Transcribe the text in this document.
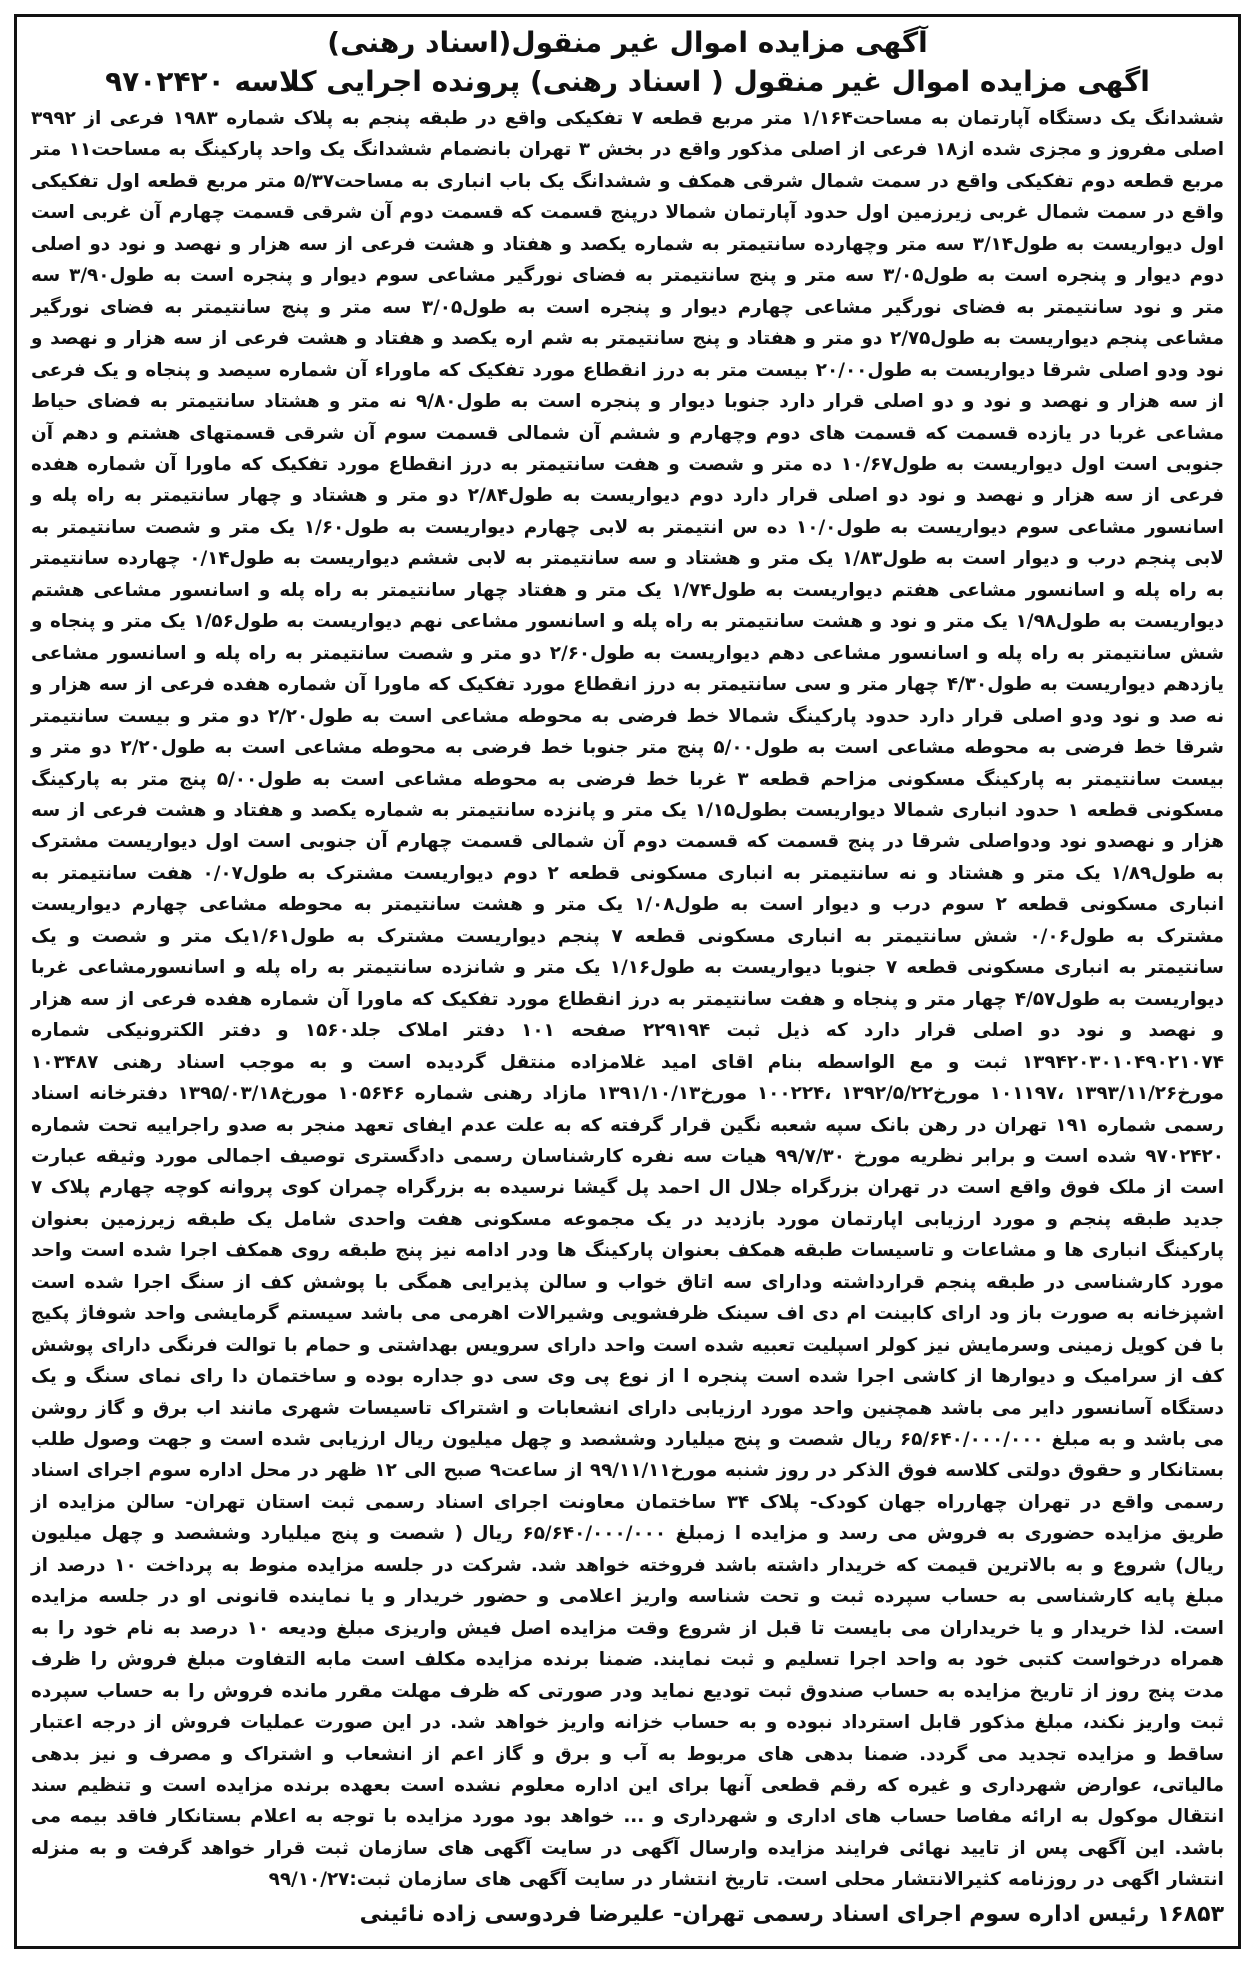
آگهی مزایده اموال غیر منقول(اسناد رهنی)
اگهی مزایده اموال غیر منقول ( اسناد رهنی) پرونده اجرایی کلاسه ۹۷۰۲۴۲۰
ششدانگ یک دستگاه آپارتمان به مساحت۱/۱۶۴ متر مربع قطعه ۷ تفکیکی واقع در طبقه پنجم به پلاک شماره ۱۹۸۳ فرعی از ۳۹۹۲ اصلی مفروز و مجزی شده از۱۸ فرعی از اصلی مذکور واقع در بخش ۳ تهران بانضمام ششدانگ یک واحد پارکینگ به مساحت۱۱ متر مربع قطعه دوم تفکیکی واقع در سمت شمال شرقی همکف و ششدانگ یک باب انباری به مساحت۵/۳۷ متر مربع قطعه اول تفکیکی واقع در سمت شمال غربی زیرزمین اول حدود آپارتمان شمالا درپنج قسمت که قسمت دوم آن شرقی قسمت چهارم آن غربی است اول دیواریست به طول۳/۱۴ سه متر وچهارده سانتیمتر به شماره یکصد و هفتاد و هشت فرعی از سه هزار و نهصد و نود دو اصلی دوم دیوار و پنجره است به طول۳/۰۵ سه متر و پنج سانتیمتر به فضای نورگیر مشاعی سوم دیوار و پنجره است به طول۳/۹۰ سه متر و نود سانتیمتر به فضای نورگیر مشاعی چهارم دیوار و پنجره است به طول۳/۰۵ سه متر و پنج سانتیمتر به فضای نورگیر مشاعی پنجم دیواریست به طول۲/۷۵ دو متر و هفتاد و پنج سانتیمتر به شم اره یکصد و هفتاد و هشت فرعی از سه هزار و نهصد و نود ودو اصلی شرقا دیواریست به طول۲۰/۰۰ بیست متر به درز انقطاع مورد تفکیک که ماوراء آن شماره سیصد و پنجاه و یک فرعی از سه هزار و نهصد و نود و دو اصلی قرار دارد جنوبا دیوار و پنجره است به طول۹/۸۰ نه متر و هشتاد سانتیمتر به فضای حیاط مشاعی غربا در یازده قسمت که قسمت های دوم وچهارم و ششم آن شمالی قسمت سوم آن شرقی قسمتهای هشتم و دهم آن جنوبی است اول دیواریست به طول۱۰/۶۷ ده متر و شصت و هفت سانتیمتر به درز انقطاع مورد تفکیک که ماورا آن شماره هفده فرعی از سه هزار و نهصد و نود دو اصلی قرار دارد دوم دیواریست به طول۲/۸۴ دو متر و هشتاد و چهار سانتیمتر به راه پله و اسانسور مشاعی سوم دیواریست به طول۱۰/۰ ده س انتیمتر به لابی چهارم دیواریست به طول۱/۶۰ یک متر و شصت سانتیمتر به لابی پنجم درب و دیوار است به طول۱/۸۳ یک متر و هشتاد و سه سانتیمتر به لابی ششم دیواریست به طول۰/۱۴ چهارده سانتیمتر به راه پله و اسانسور مشاعی هفتم دیواریست به طول۱/۷۴ یک متر و هفتاد چهار سانتیمتر به راه پله و اسانسور مشاعی هشتم دیواریست به طول۱/۹۸ یک متر و نود و هشت سانتیمتر به راه پله و اسانسور مشاعی نهم دیواریست به طول۱/۵۶ یک متر و پنجاه و شش سانتیمتر به راه پله و اسانسور مشاعی دهم دیواریست به طول۲/۶۰ دو متر و شصت سانتیمتر به راه پله و اسانسور مشاعی یازدهم دیواریست به طول۴/۳۰ چهار متر و سی سانتیمتر به درز انقطاع مورد تفکیک که ماورا آن شماره هفده فرعی از سه هزار و نه صد و نود ودو اصلی قرار دارد حدود پارکینگ شمالا خط فرضی به محوطه مشاعی است به طول۲/۲۰ دو متر و بیست سانتیمتر شرقا خط فرضی به محوطه مشاعی است به طول۵/۰۰ پنج متر جنوبا خط فرضی به محوطه مشاعی است به طول۲/۲۰ دو متر و بیست سانتیمتر به پارکینگ مسکونی مزاحم قطعه ۳ غربا خط فرضی به محوطه مشاعی است به طول۵/۰۰ پنج متر به پارکینگ مسکونی قطعه ۱ حدود انباری شمالا دیواریست بطول۱/۱۵ یک متر و پانزده سانتیمتر به شماره یکصد و هفتاد و هشت فرعی از سه هزار و نهصدو نود ودواصلی شرقا در پنج قسمت که قسمت دوم آن شمالی قسمت چهارم آن جنوبی است اول دیواریست مشترک به طول۱/۸۹ یک متر و هشتاد و نه سانتیمتر به انباری مسکونی قطعه ۲ دوم دیواریست مشترک به طول۰/۰۷ هفت سانتیمتر به انباری مسکونی قطعه ۲ سوم درب و دیوار است به طول۱/۰۸ یک متر و هشت سانتیمتر به محوطه مشاعی چهارم دیواریست مشترک به طول۰/۰۶ شش سانتیمتر به انباری مسکونی قطعه ۷ پنجم دیواریست مشترک به طول۱/۶۱یک متر و شصت و یک سانتیمتر به انباری مسکونی قطعه ۷ جنوبا دیواریست به طول۱/۱۶ یک متر و شانزده سانتیمتر به راه پله و اسانسورمشاعی غربا دیواریست به طول۴/۵۷ چهار متر و پنجاه و هفت سانتیمتر به درز انقطاع مورد تفکیک که ماورا آن شماره هفده فرعی از سه هزار و نهصد و نود دو اصلی قرار دارد که ذیل ثبت ۲۲۹۱۹۴ صفحه ۱۰۱ دفتر املاک جلد۱۵۶۰ و دفتر الکترونیکی شماره ۱۳۹۴۲۰۳۰۱۰۴۹۰۲۱۰۷۴ ثبت و مع الواسطه بنام اقای امید غلامزاده منتقل گردیده است و به موجب اسناد رهنی ۱۰۳۴۸۷ مورخ۱۳۹۳/۱۱/۲۶ ،۱۰۱۱۹۷ مورخ۱۳۹۲/۵/۲۲ ،۱۰۰۲۲۴ مورخ۱۳۹۱/۱۰/۱۳ مازاد رهنی شماره ۱۰۵۶۴۶ مورخ۱۳۹۵/۰۳/۱۸ دفترخانه اسناد رسمی شماره ۱۹۱ تهران در رهن بانک سپه شعبه نگین قرار گرفته که به علت عدم ایفای تعهد منجر به صدو راجراییه تحت شماره ۹۷۰۲۴۲۰ شده است و برابر نظریه مورخ ۹۹/۷/۳۰ هیات سه نفره کارشناسان رسمی دادگستری توصیف اجمالی مورد وثیقه عبارت است از ملک فوق واقع است در تهران بزرگراه جلال ال احمد پل گیشا نرسیده به بزرگراه چمران کوی پروانه کوچه چهارم پلاک ۷ جدید طبقه پنجم و مورد ارزیابی اپارتمان مورد بازدید در یک مجموعه مسکونی هفت واحدی شامل یک طبقه زیرزمین بعنوان پارکینگ انباری ها و مشاعات و تاسیسات طبقه همکف بعنوان پارکینگ ها ودر ادامه نیز پنج طبقه روی همکف اجرا شده است واحد مورد کارشناسی در طبقه پنجم قرارداشته ودارای سه اتاق خواب و سالن پذیرایی همگی با پوشش کف از سنگ اجرا شده است اشپزخانه به صورت باز ود ارای کابینت ام دی اف سینک ظرفشویی وشیرالات اهرمی می باشد سیستم گرمایشی واحد شوفاژ پکیج با فن کویل زمینی وسرمایش نیز کولر اسپلیت تعبیه شده است واحد دارای سرویس بهداشتی و حمام با توالت فرنگی دارای پوشش کف از سرامیک و دیوارها از کاشی اجرا شده است پنجره ا از نوع پی وی سی دو جداره بوده و ساختمان دا رای نمای سنگ و یک دستگاه آسانسور دایر می باشد همچنین واحد مورد ارزیابی دارای انشعابات و اشتراک تاسیسات شهری مانند اب برق و گاز روشن می باشد و به مبلغ ۶۵/۶۴۰/۰۰۰/۰۰۰ ریال شصت و پنج میلیارد وششصد و چهل میلیون ریال ارزیابی شده است و جهت وصول طلب بستانکار و حقوق دولتی کلاسه فوق الذکر در روز شنبه مورخ۹۹/۱۱/۱۱ از ساعت۹ صبح الی ۱۲ ظهر در محل اداره سوم اجرای اسناد رسمی واقع در تهران چهارراه جهان کودک- پلاک ۳۴ ساختمان معاونت اجرای اسناد رسمی ثبت استان تهران- سالن مزایده از طریق مزایده حضوری به فروش می رسد و مزایده ا زمبلغ ۶۵/۶۴۰/۰۰۰/۰۰۰ ریال ( شصت و پنج میلیارد وششصد و چهل میلیون ریال) شروع و به بالاترین قیمت که خریدار داشته باشد فروخته خواهد شد. شرکت در جلسه مزایده منوط به پرداخت ۱۰ درصد از مبلغ پایه کارشناسی به حساب سپرده ثبت و تحت شناسه واریز اعلامی و حضور خریدار و یا نماینده قانونی او در جلسه مزایده است. لذا خریدار و یا خریداران می بایست تا قبل از شروع وقت مزایده اصل فیش واریزی مبلغ ودیعه ۱۰ درصد به نام خود را به همراه درخواست کتبی خود به واحد اجرا تسلیم و ثبت نمایند. ضمنا برنده مزایده مکلف است مابه التفاوت مبلغ فروش را ظرف مدت پنج روز از تاریخ مزایده به حساب صندوق ثبت تودیع نماید ودر صورتی که ظرف مهلت مقرر مانده فروش را به حساب سپرده ثبت واریز نکند، مبلغ مذکور قابل استرداد نبوده و به حساب خزانه واریز خواهد شد. در این صورت عملیات فروش از درجه اعتبار ساقط و مزایده تجدید می گردد. ضمنا بدهی های مربوط به آب و برق و گاز اعم از انشعاب و اشتراک و مصرف و نیز بدهی مالیاتی، عوارض شهرداری و غیره که رقم قطعی آنها برای این اداره معلوم نشده است بعهده برنده مزایده است و تنظیم سند انتقال موکول به ارائه مفاصا حساب های اداری و شهرداری و ... خواهد بود مورد مزایده با توجه به اعلام بستانکار فاقد بیمه می باشد. این آگهی پس از تایید نهائی فرایند مزایده وارسال آگهی در سایت آگهی های سازمان ثبت قرار خواهد گرفت و به منزله انتشار اگهی در روزنامه کثیرالانتشار محلی است. تاریخ انتشار در سایت آگهی های سازمان ثبت:۹۹/۱۰/۲۷
۱۶۸۵۳ رئیس اداره سوم اجرای اسناد رسمی تهران- علیرضا فردوسی زاده نائینی
